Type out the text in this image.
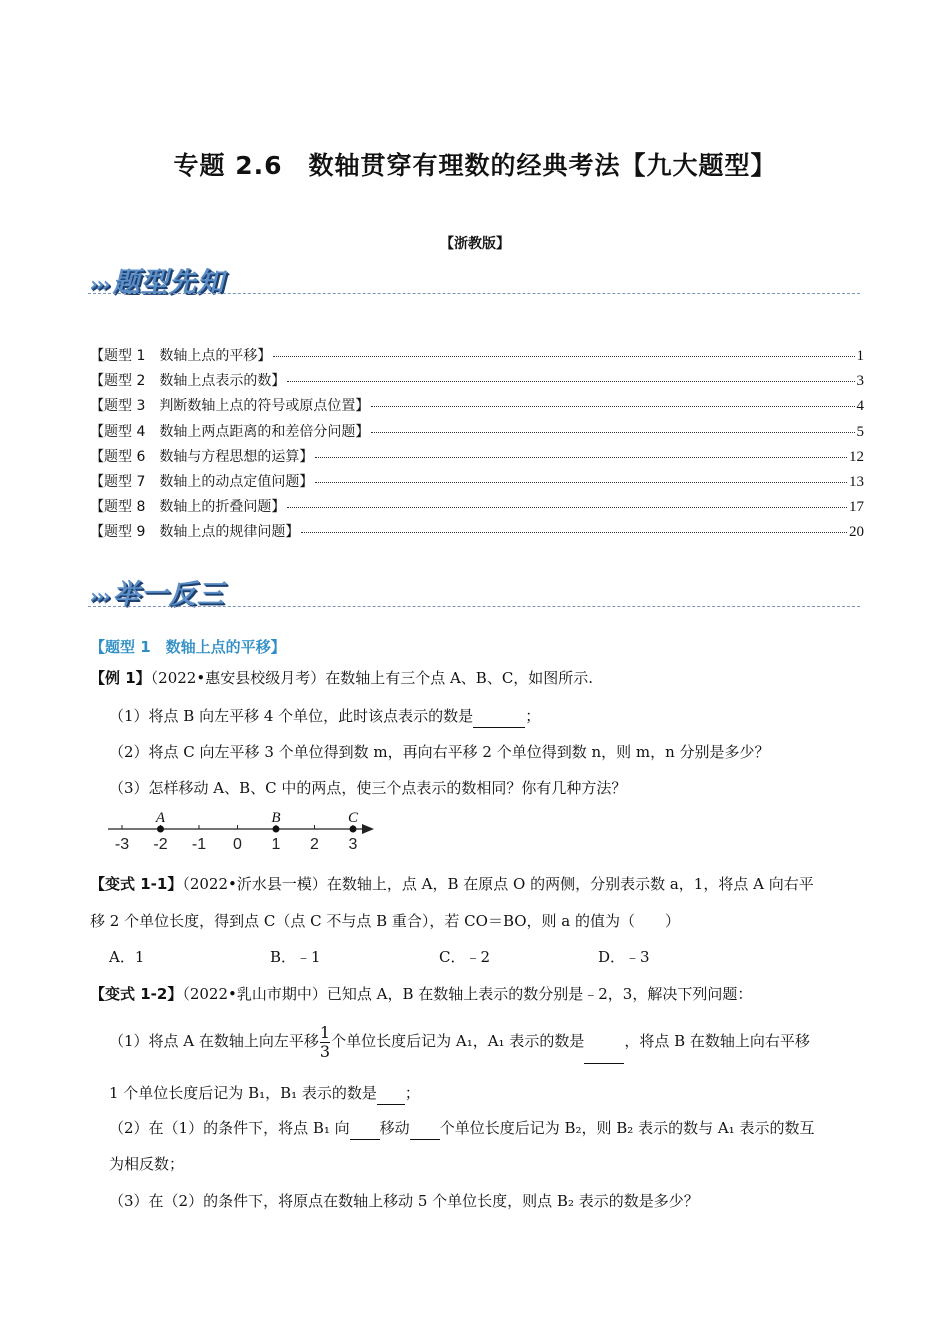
专题 2.6　数轴贯穿有理数的经典考法【九大题型】
【浙教版】
››› 题型先知
【题型 1　数轴上点的平移】	1
【题型 2　数轴上点表示的数】	3
【题型 3　判断数轴上点的符号或原点位置】	4
【题型 4　数轴上两点距离的和差倍分问题】	5
【题型 6　数轴与方程思想的运算】	12
【题型 7　数轴上的动点定值问题】	13
【题型 8　数轴上的折叠问题】	17
【题型 9　数轴上点的规律问题】	20
››› 举一反三
【题型 1　数轴上点的平移】
【例 1】（2022•惠安县校级月考）在数轴上有三个点 A、B、C，如图所示.
（1）将点 B 向左平移 4 个单位，此时该点表示的数是	；
（2）将点 C 向左平移 3 个单位得到数 m，再向右平移 2 个单位得到数 n，则 m，n 分别是多少？
（3）怎样移动 A、B、C 中的两点，使三个点表示的数相同？你有几种方法？
-3 -2 -1 0 1 2 3
A	B	C
【变式 1-1】（2022•沂水县一模）在数轴上，点 A，B 在原点 O 的两侧，分别表示数 a，1，将点 A 向右平
移 2 个单位长度，得到点 C（点 C 不与点 B 重合），若 CO＝BO，则 a 的值为（　　）
A．1	B．﹣1	C．﹣2	D．﹣3
【变式 1-2】（2022•乳山市期中）已知点 A，B 在数轴上表示的数分别是﹣2，3，解决下列问题：
（1）将点 A 在数轴上向左平移 $\frac{1}{3}$ 个单位长度后记为 A₁，A₁ 表示的数是	，将点 B 在数轴上向右平移
1 个单位长度后记为 B₁，B₁ 表示的数是 ；
（2）在（1）的条件下，将点 B₁ 向 移动 个单位长度后记为 B₂，则 B₂ 表示的数与 A₁ 表示的数互
为相反数；
（3）在（2）的条件下，将原点在数轴上移动 5 个单位长度，则点 B₂ 表示的数是多少？
